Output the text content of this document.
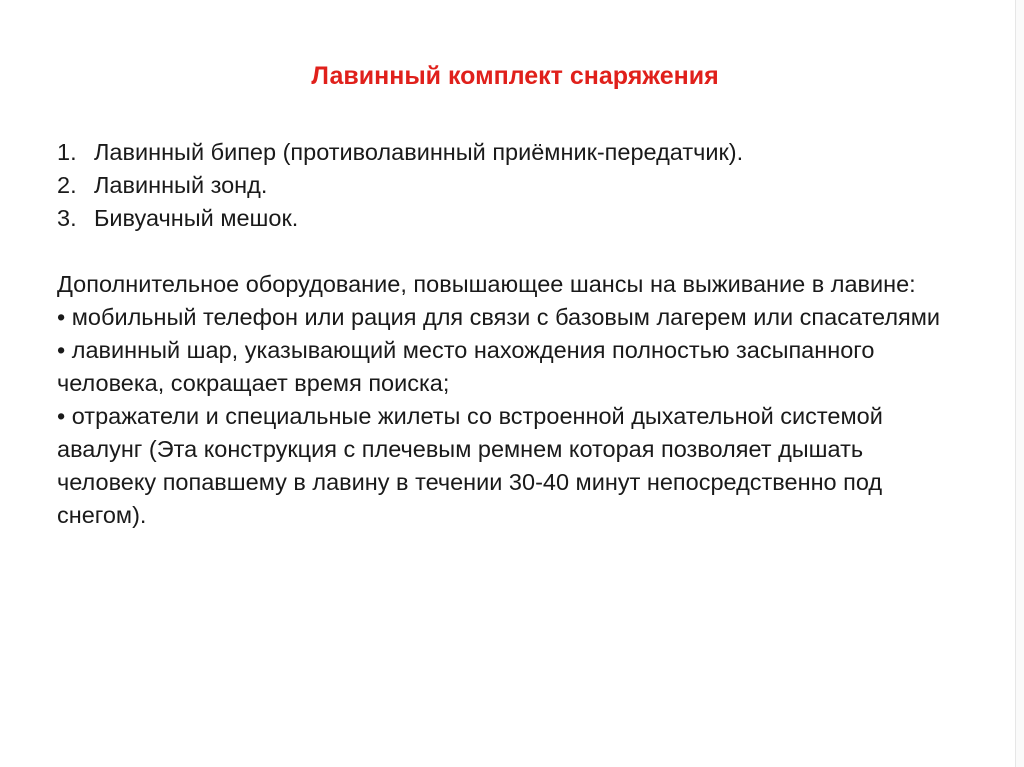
Лавинный комплект снаряжения
1. Лавинный бипер (противолавинный приёмник-передатчик).
2. Лавинный зонд.
3. Бивуачный мешок.

Дополнительное оборудование, повышающее шансы на выживание в лавине:

• мобильный телефон или рация для связи с базовым лагерем или спасателями

• лавинный шар, указывающий место нахождения полностью засыпанного человека, сокращает время поиска;

• отражатели и специальные жилеты со встроенной дыхательной системой авалунг (Эта конструкция с плечевым ремнем которая позволяет дышать человеку попавшему в лавину в течении 30-40 минут непосредственно под снегом).
